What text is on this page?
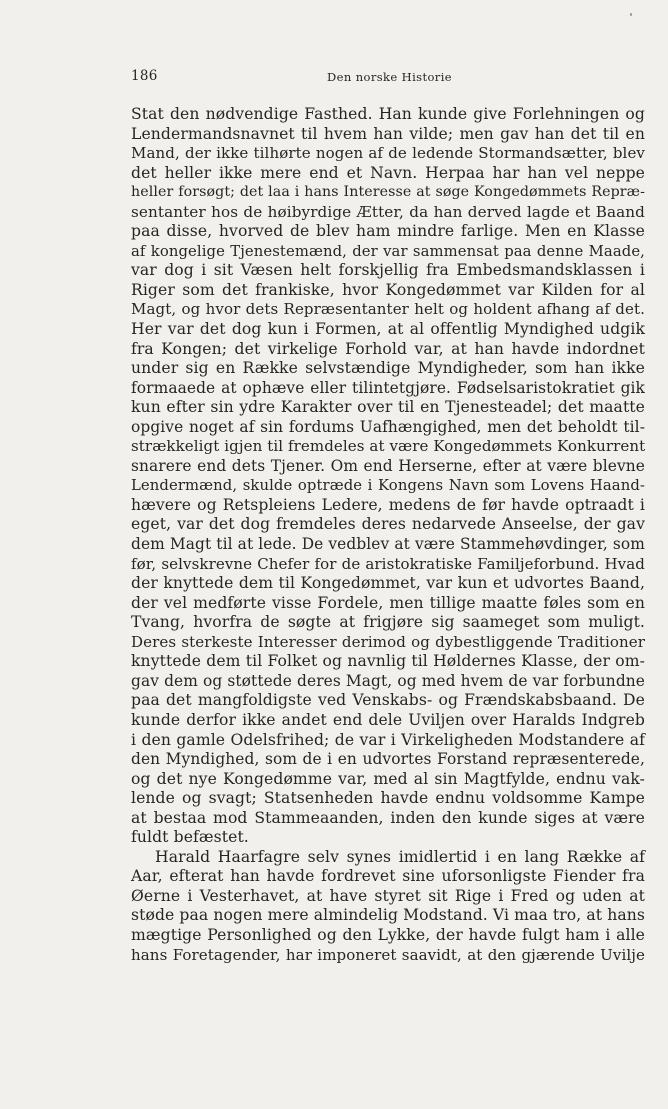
186	Den norske Historie
Stat den nødvendige Fasthed. Han kunde give Forlehningen og
Lendermandsnavnet til hvem han vilde; men gav han det til en
Mand, der ikke tilhørte nogen af de ledende Stormandsætter, blev
det heller ikke mere end et Navn. Herpaa har han vel neppe
heller forsøgt; det laa i hans Interesse at søge Kongedømmets Repræ-
sentanter hos de høibyrdige Ætter, da han derved lagde et Baand
paa disse, hvorved de blev ham mindre farlige. Men en Klasse
af kongelige Tjenestemænd, der var sammensat paa denne Maade,
var dog i sit Væsen helt forskjellig fra Embedsmandsklassen i
Riger som det frankiske, hvor Kongedømmet var Kilden for al
Magt, og hvor dets Repræsentanter helt og holdent afhang af det.
Her var det dog kun i Formen, at al offentlig Myndighed udgik
fra Kongen; det virkelige Forhold var, at han havde indordnet
under sig en Række selvstændige Myndigheder, som han ikke
formaaede at ophæve eller tilintetgjøre. Fødselsaristokratiet gik
kun efter sin ydre Karakter over til en Tjenesteadel; det maatte
opgive noget af sin fordums Uafhængighed, men det beholdt til-
strækkeligt igjen til fremdeles at være Kongedømmets Konkurrent
snarere end dets Tjener. Om end Herserne, efter at være blevne
Lendermænd, skulde optræde i Kongens Navn som Lovens Haand-
hævere og Retspleiens Ledere, medens de før havde optraadt i
eget, var det dog fremdeles deres nedarvede Anseelse, der gav
dem Magt til at lede. De vedblev at være Stammehøvdinger, som
før, selvskrevne Chefer for de aristokratiske Familjeforbund. Hvad
der knyttede dem til Kongedømmet, var kun et udvortes Baand,
der vel medførte visse Fordele, men tillige maatte føles som en
Tvang, hvorfra de søgte at frigjøre sig saameget som muligt.
Deres sterkeste Interesser derimod og dybestliggende Traditioner
knyttede dem til Folket og navnlig til Høldernes Klasse, der om-
gav dem og støttede deres Magt, og med hvem de var forbundne
paa det mangfoldigste ved Venskabs- og Frændskabsbaand. De
kunde derfor ikke andet end dele Uviljen over Haralds Indgreb
i den gamle Odelsfrihed; de var i Virkeligheden Modstandere af
den Myndighed, som de i en udvortes Forstand repræsenterede,
og det nye Kongedømme var, med al sin Magtfylde, endnu vak-
lende og svagt; Statsenheden havde endnu voldsomme Kampe
at bestaa mod Stammeaanden, inden den kunde siges at være
fuldt befæstet.
Harald Haarfagre selv synes imidlertid i en lang Række af
Aar, efterat han havde fordrevet sine uforsonligste Fiender fra
Øerne i Vesterhavet, at have styret sit Rige i Fred og uden at
støde paa nogen mere almindelig Modstand. Vi maa tro, at hans
mægtige Personlighed og den Lykke, der havde fulgt ham i alle
hans Foretagender, har imponeret saavidt, at den gjærende Uvilje
